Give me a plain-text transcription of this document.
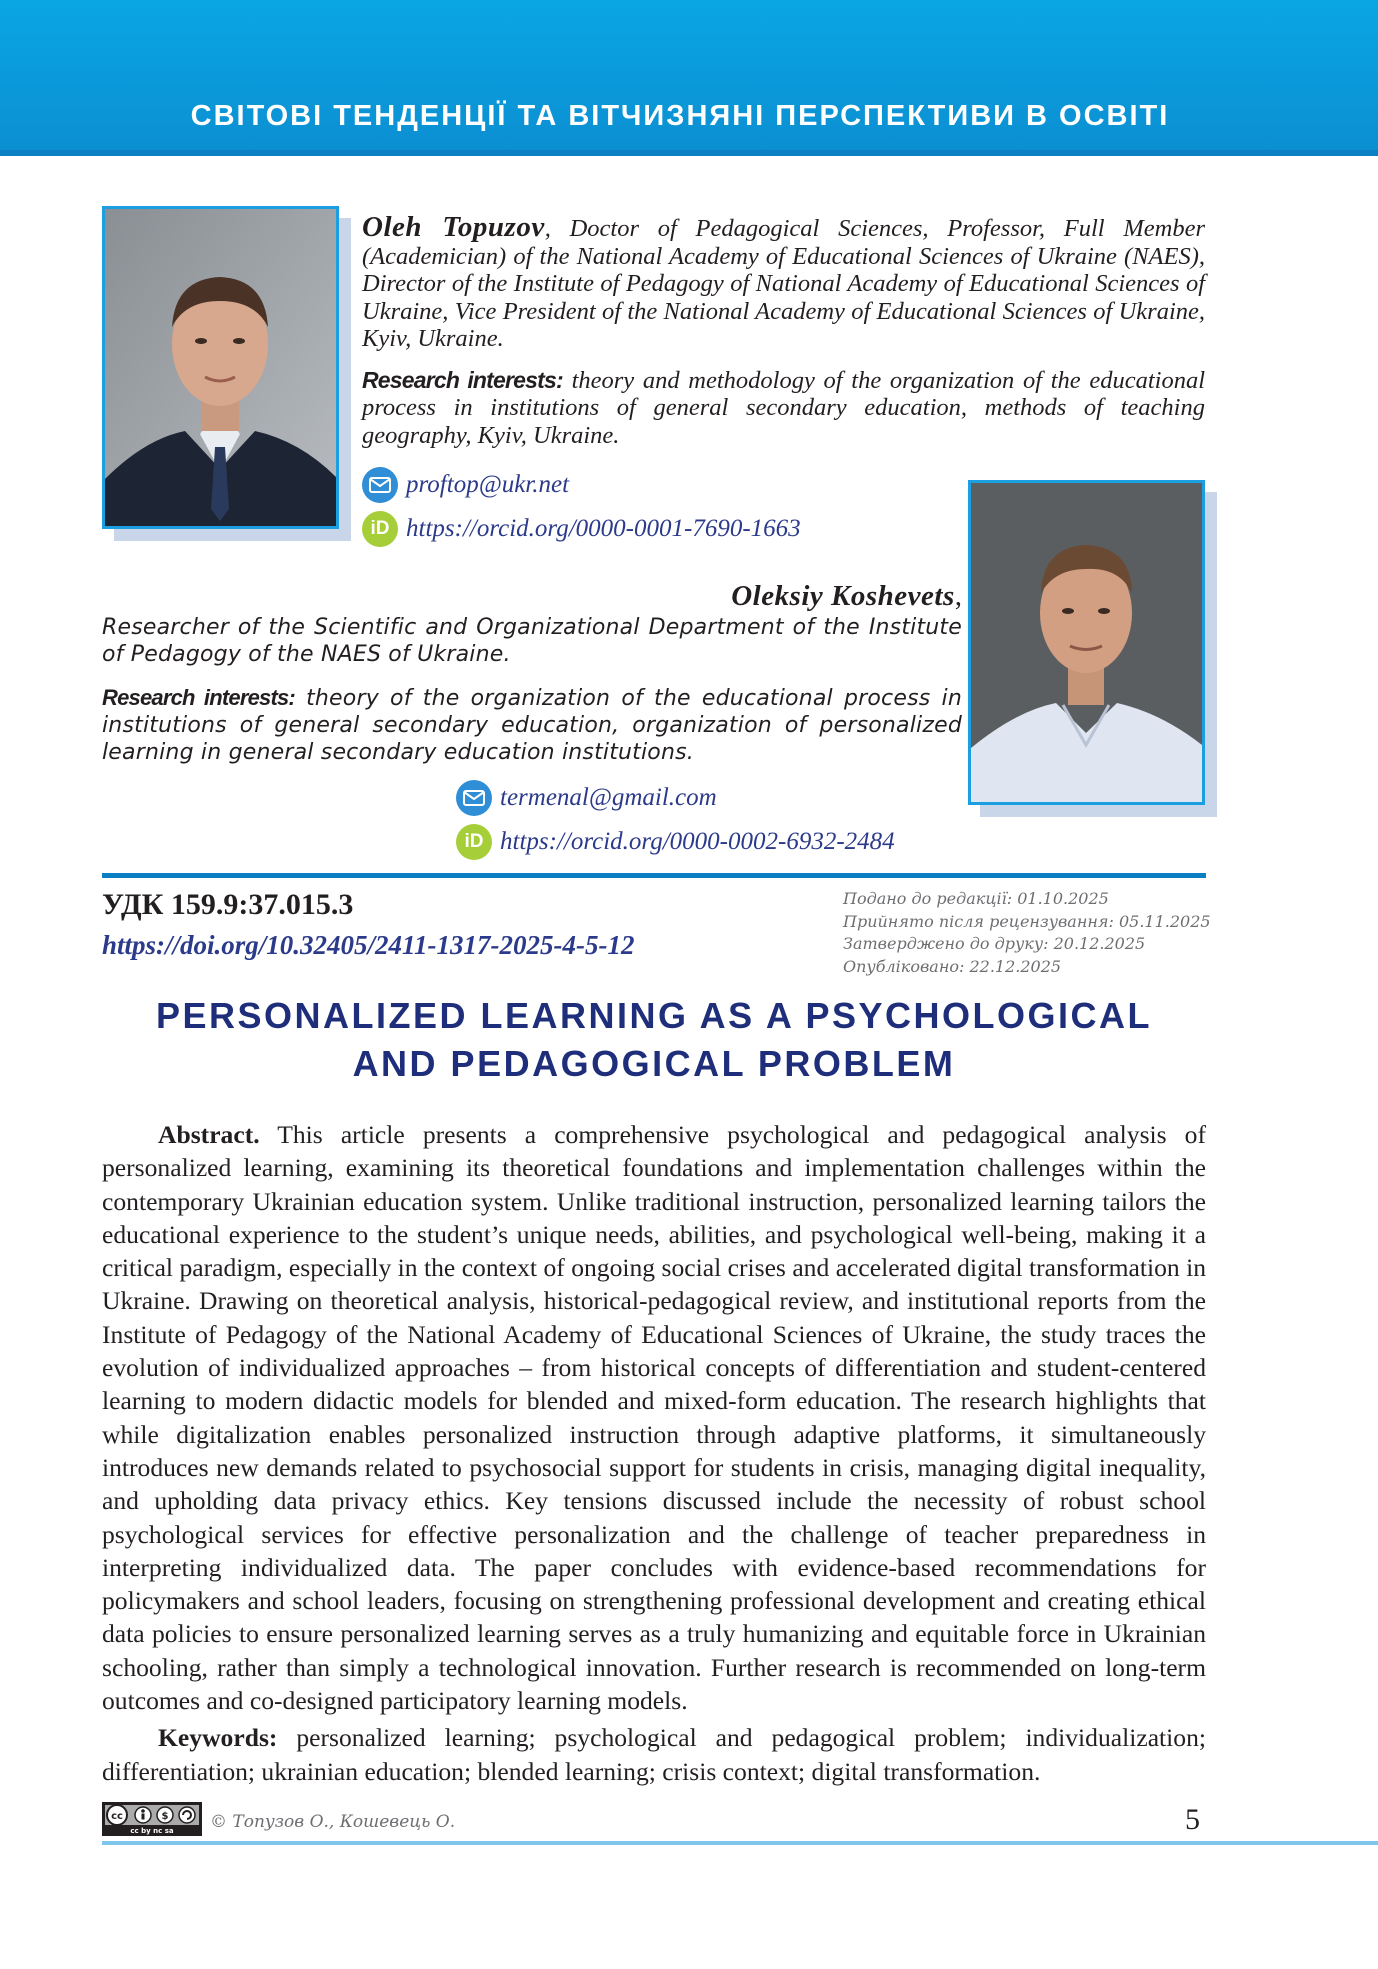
СВІТОВІ ТЕНДЕНЦІЇ ТА ВІТЧИЗНЯНІ ПЕРСПЕКТИВИ В ОСВІТІ
Oleh Topuzov, Doctor of Pedagogical Sciences, Professor, Full Member (Academician) of the National Academy of Educational Sciences of Ukraine (NAES), Director of the Institute of Pedagogy of National Academy of Educational Sciences of Ukraine, Vice President of the National Academy of Educational Sciences of Ukraine, Kyiv, Ukraine.
Research interests: theory and methodology of the organization of the educational process in institutions of general secondary education, methods of teaching geography, Kyiv, Ukraine.
proftop@ukr.net
iD https://orcid.org/0000-0001-7690-1663
Oleksiy Koshevets,
Researcher of the Scientific and Organizational Department of the Institute of Pedagogy of the NAES of Ukraine.
Research interests: theory of the organization of the educational process in institutions of general secondary education, organization of personalized learning in general secondary education institutions.
termenal@gmail.com
iD https://orcid.org/0000-0002-6932-2484
УДК 159.9:37.015.3
https://doi.org/10.32405/2411-1317-2025-4-5-12
Подано до редакції: 01.10.2025
Прийнято після рецензування: 05.11.2025
Затверджено до друку: 20.12.2025
Опубліковано: 22.12.2025
PERSONALIZED LEARNING AS A PSYCHOLOGICAL
AND PEDAGOGICAL PROBLEM

Abstract. This article presents a comprehensive psychological and pedagogical analysis of personalized learning, examining its theoretical foundations and implementation challenges within the contemporary Ukrainian education system. Unlike traditional instruction, personalized learning tailors the educational experience to the student’s unique needs, abilities, and psychological well-being, making it a critical paradigm, especially in the context of ongoing social crises and accelerated digital transformation in Ukraine. Drawing on theoretical analysis, historical-pedagogical review, and institutional reports from the Institute of Pedagogy of the National Academy of Educational Sciences of Ukraine, the study traces the evolution of individualized approaches – from historical concepts of differentiation and student-centered learning to modern didactic models for blended and mixed-form education. The research highlights that while digitalization enables personalized instruction through adaptive platforms, it simultaneously introduces new demands related to psychosocial support for students in crisis, managing digital inequality, and upholding data privacy ethics. Key tensions discussed include the necessity of robust school psychological services for effective personalization and the challenge of teacher preparedness in interpreting individualized data. The paper concludes with evidence-based recommendations for policymakers and school leaders, focusing on strengthening professional development and creating ethical data policies to ensure personalized learning serves as a truly humanizing and equitable force in Ukrainian schooling, rather than simply a technological innovation. Further research is recommended on long-term outcomes and co-designed participatory learning models.

Keywords: personalized learning; psychological and pedagogical problem; individualization; differentiation; ukrainian education; blended learning; crisis context; digital transformation.

cc	$
cc by nc sa © Топузов О., Кошевець О.	5
